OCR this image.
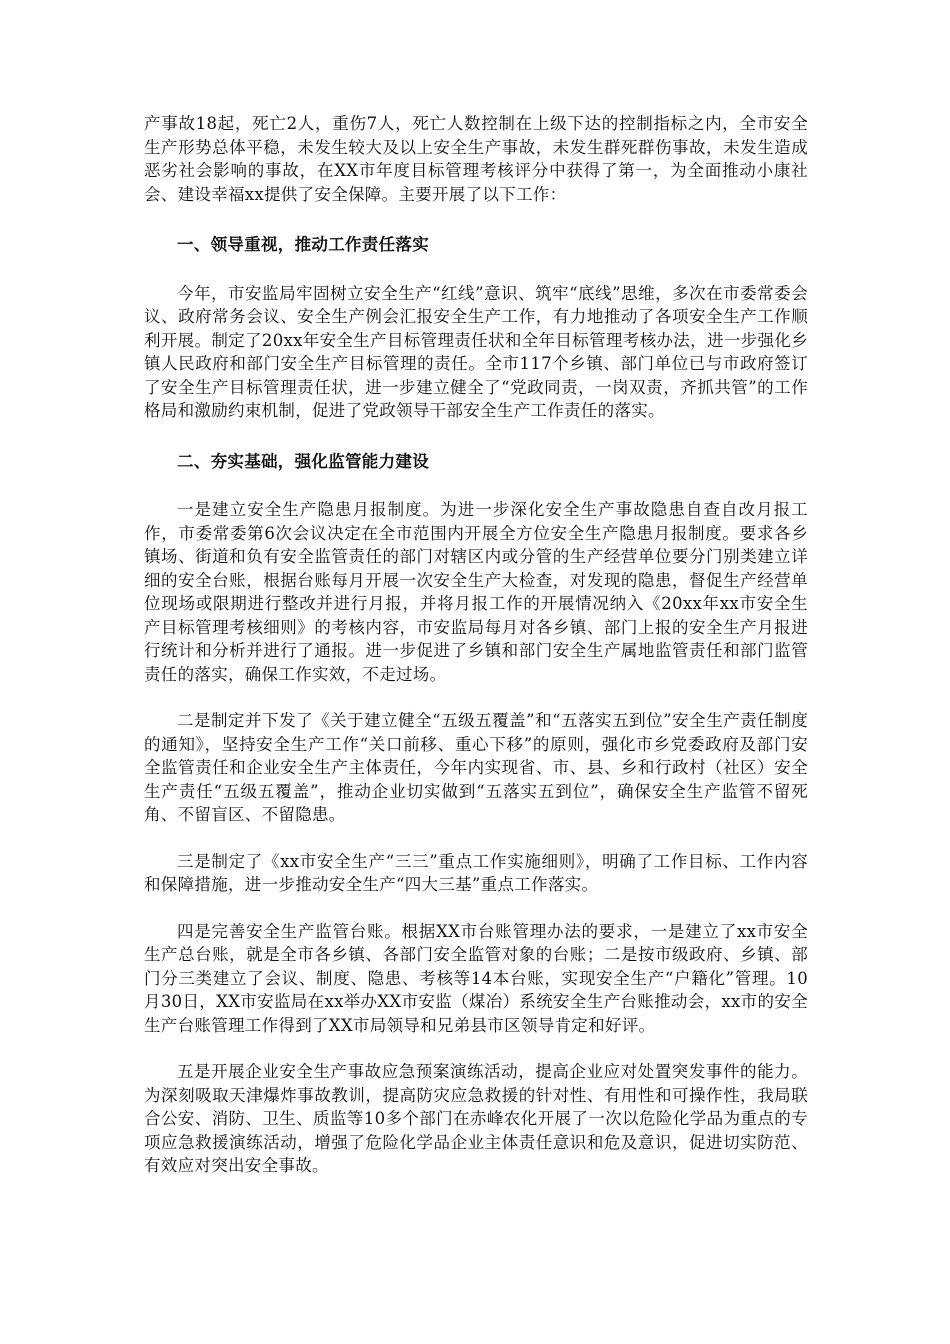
产事故18起，死亡2人，重伤7人，死亡人数控制在上级下达的控制指标之内，全市安全生产形势总体平稳，未发生较大及以上安全生产事故，未发生群死群伤事故，未发生造成恶劣社会影响的事故，在XX市年度目标管理考核评分中获得了第一，为全面推动小康社会、建设幸福xx提供了安全保障。主要开展了以下工作：

一、领导重视，推动工作责任落实

今年，市安监局牢固树立安全生产“红线”意识、筑牢“底线”思维，多次在市委常委会议、政府常务会议、安全生产例会汇报安全生产工作，有力地推动了各项安全生产工作顺利开展。制定了20xx年安全生产目标管理责任状和全年目标管理考核办法，进一步强化乡镇人民政府和部门安全生产目标管理的责任。全市117个乡镇、部门单位已与市政府签订了安全生产目标管理责任状，进一步建立健全了“党政同责，一岗双责，齐抓共管”的工作格局和激励约束机制，促进了党政领导干部安全生产工作责任的落实。

二、夯实基础，强化监管能力建设

一是建立安全生产隐患月报制度。为进一步深化安全生产事故隐患自查自改月报工作，市委常委第6次会议决定在全市范围内开展全方位安全生产隐患月报制度。要求各乡镇场、街道和负有安全监管责任的部门对辖区内或分管的生产经营单位要分门别类建立详细的安全台账，根据台账每月开展一次安全生产大检查，对发现的隐患，督促生产经营单位现场或限期进行整改并进行月报，并将月报工作的开展情况纳入《20xx年xx市安全生产目标管理考核细则》的考核内容，市安监局每月对各乡镇、部门上报的安全生产月报进行统计和分析并进行了通报。进一步促进了乡镇和部门安全生产属地监管责任和部门监管责任的落实，确保工作实效，不走过场。

二是制定并下发了《关于建立健全“五级五覆盖”和“五落实五到位”安全生产责任制度的通知》，坚持安全生产工作“关口前移、重心下移”的原则，强化市乡党委政府及部门安全监管责任和企业安全生产主体责任，今年内实现省、市、县、乡和行政村（社区）安全生产责任“五级五覆盖”，推动企业切实做到“五落实五到位”，确保安全生产监管不留死角、不留盲区、不留隐患。

三是制定了《xx市安全生产“三三”重点工作实施细则》，明确了工作目标、工作内容和保障措施，进一步推动安全生产“四大三基”重点工作落实。

四是完善安全生产监管台账。根据XX市台账管理办法的要求，一是建立了xx市安全生产总台账，就是全市各乡镇、各部门安全监管对象的台账；二是按市级政府、乡镇、部门分三类建立了会议、制度、隐患、考核等14本台账，实现安全生产“户籍化”管理。10月30日，XX市安监局在xx举办XX市安监（煤冶）系统安全生产台账推动会，xx市的安全生产台账管理工作得到了XX市局领导和兄弟县市区领导肯定和好评。

五是开展企业安全生产事故应急预案演练活动，提高企业应对处置突发事件的能力。为深刻吸取天津爆炸事故教训，提高防灾应急救援的针对性、有用性和可操作性，我局联合公安、消防、卫生、质监等10多个部门在赤峰农化开展了一次以危险化学品为重点的专项应急救援演练活动，增强了危险化学品企业主体责任意识和危及意识，促进切实防范、有效应对突出安全事故。
